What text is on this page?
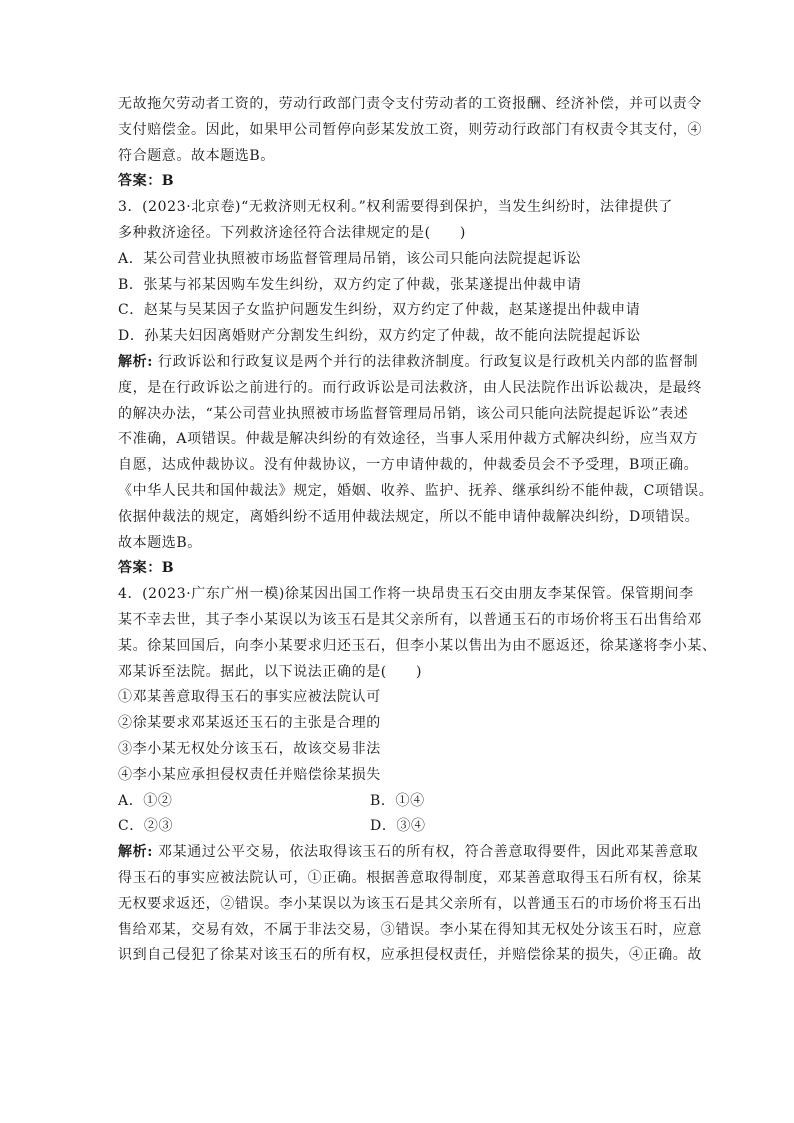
无故拖欠劳动者工资的，劳动行政部门责令支付劳动者的工资报酬、经济补偿，并可以责令
支付赔偿金。因此，如果甲公司暂停向彭某发放工资，则劳动行政部门有权责令其支付，④
符合题意。故本题选B。
答案：B
3．(2023·北京卷)“无救济则无权利。”权利需要得到保护，当发生纠纷时，法律提供了
多种救济途径。下列救济途径符合法律规定的是(　　)
A．某公司营业执照被市场监督管理局吊销，该公司只能向法院提起诉讼
B．张某与祁某因购车发生纠纷，双方约定了仲裁，张某遂提出仲裁申请
C．赵某与吴某因子女监护问题发生纠纷，双方约定了仲裁，赵某遂提出仲裁申请
D．孙某夫妇因离婚财产分割发生纠纷，双方约定了仲裁，故不能向法院提起诉讼
解析: 行政诉讼和行政复议是两个并行的法律救济制度。行政复议是行政机关内部的监督制
度，是在行政诉讼之前进行的。而行政诉讼是司法救济，由人民法院作出诉讼裁决，是最终
的解决办法，“某公司营业执照被市场监督管理局吊销，该公司只能向法院提起诉讼”表述
不准确，A项错误。仲裁是解决纠纷的有效途径，当事人采用仲裁方式解决纠纷，应当双方
自愿，达成仲裁协议。没有仲裁协议，一方申请仲裁的，仲裁委员会不予受理，B项正确。
《中华人民共和国仲裁法》规定，婚姻、收养、监护、抚养、继承纠纷不能仲裁，C项错误。
依据仲裁法的规定，离婚纠纷不适用仲裁法规定，所以不能申请仲裁解决纠纷，D项错误。
故本题选B。
答案：B
4．(2023·广东广州一模)徐某因出国工作将一块昂贵玉石交由朋友李某保管。保管期间李
某不幸去世，其子李小某误以为该玉石是其父亲所有，以普通玉石的市场价将玉石出售给邓
某。徐某回国后，向李小某要求归还玉石，但李小某以售出为由不愿返还，徐某遂将李小某、
邓某诉至法院。据此，以下说法正确的是(　　)
①邓某善意取得玉石的事实应被法院认可
②徐某要求邓某返还玉石的主张是合理的
③李小某无权处分该玉石，故该交易非法
④李小某应承担侵权责任并赔偿徐某损失
A．①②	B．①④
C．②③	D．③④
解析: 邓某通过公平交易，依法取得该玉石的所有权，符合善意取得要件，因此邓某善意取
得玉石的事实应被法院认可，①正确。根据善意取得制度，邓某善意取得玉石所有权，徐某
无权要求返还，②错误。李小某误以为该玉石是其父亲所有，以普通玉石的市场价将玉石出
售给邓某，交易有效，不属于非法交易，③错误。李小某在得知其无权处分该玉石时，应意
识到自己侵犯了徐某对该玉石的所有权，应承担侵权责任，并赔偿徐某的损失，④正确。故
